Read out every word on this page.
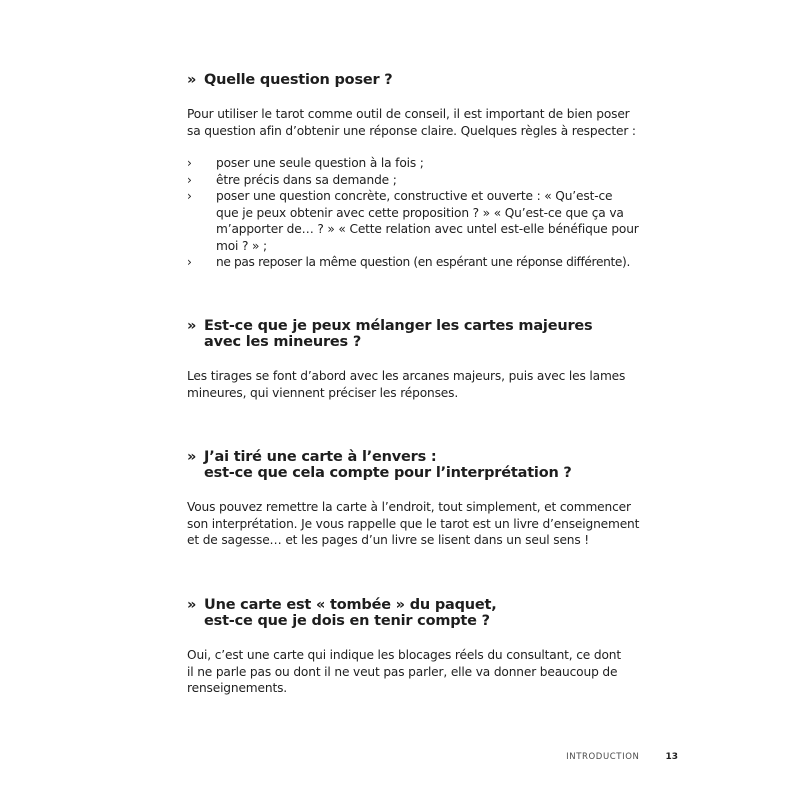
» Quelle question poser ?

Pour utiliser le tarot comme outil de conseil, il est important de bien poser
sa question afin d’obtenir une réponse claire. Quelques règles à respecter :

›	poser une seule question à la fois ;
›	être précis dans sa demande ;
›	poser une question concrète, constructive et ouverte : « Qu’est-ce
que je peux obtenir avec cette proposition ? » « Qu’est-ce que ça va
m’apporter de… ? » « Cette relation avec untel est-elle bénéfique pour
moi ? » ;
›	ne pas reposer la même question (en espérant une réponse différente).
» Est-ce que je peux mélanger les cartes majeures
avec les mineures ?

Les tirages se font d’abord avec les arcanes majeurs, puis avec les lames
mineures, qui viennent préciser les réponses.

» J’ai tiré une carte à l’envers :
est-ce que cela compte pour l’interprétation ?

Vous pouvez remettre la carte à l’endroit, tout simplement, et commencer
son interprétation. Je vous rappelle que le tarot est un livre d’enseignement
et de sagesse… et les pages d’un livre se lisent dans un seul sens !

» Une carte est « tombée » du paquet,
est-ce que je dois en tenir compte ?

Oui, c’est une carte qui indique les blocages réels du consultant, ce dont
il ne parle pas ou dont il ne veut pas parler, elle va donner beaucoup de
renseignements.

INTRODUCTION	13
